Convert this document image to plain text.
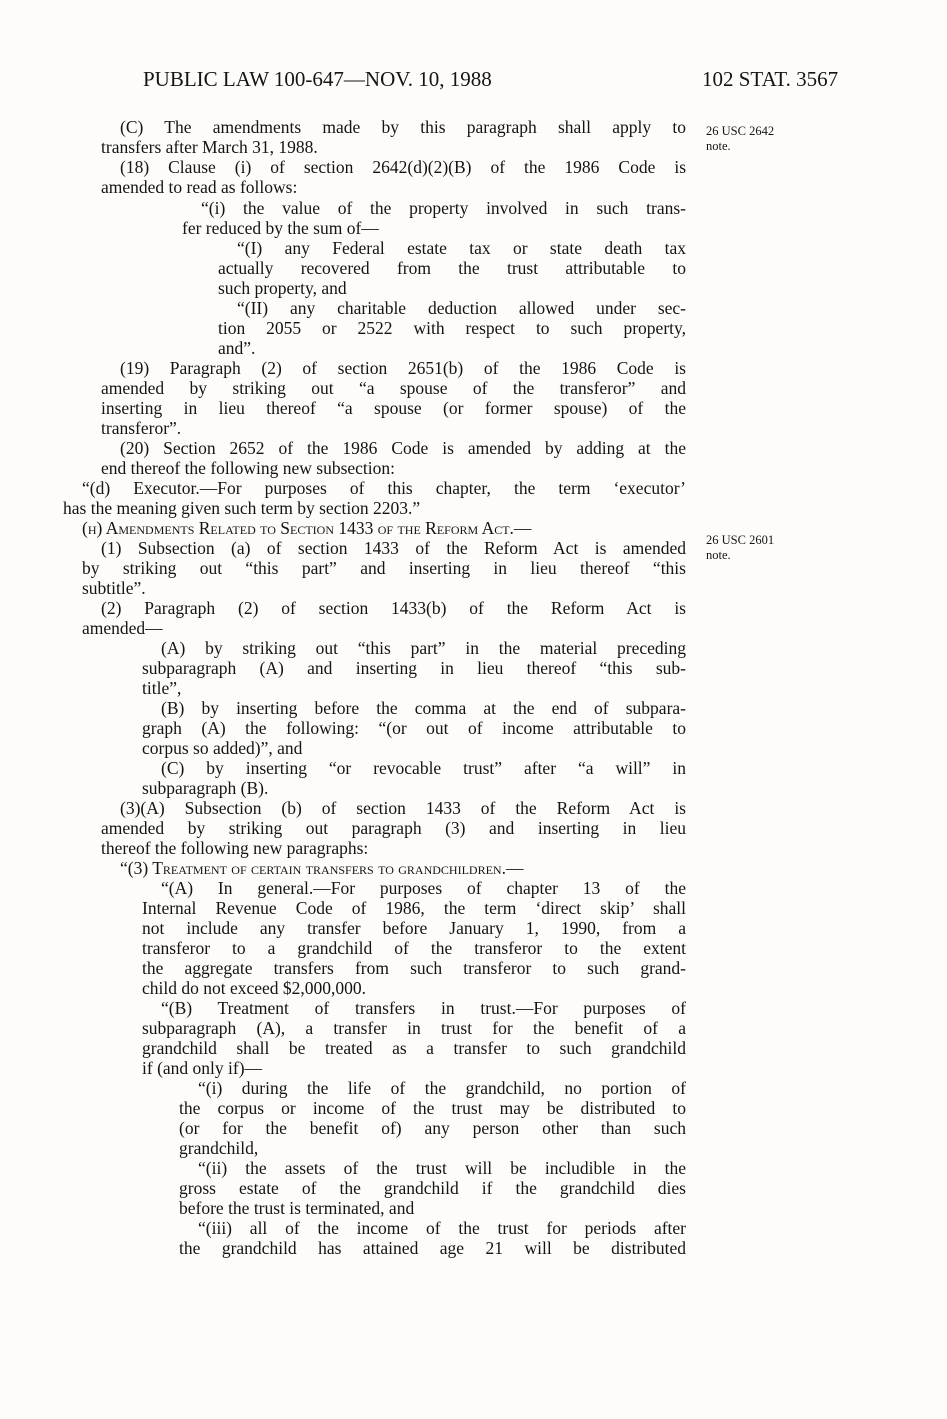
PUBLIC LAW 100-647—NOV. 10, 1988	102 STAT. 3567
26 USC 2642
note.
26 USC 2601
note.
(C) The amendments made by this paragraph shall apply to
transfers after March 31, 1988.
(18) Clause (i) of section 2642(d)(2)(B) of the 1986 Code is
amended to read as follows:
“(i) the value of the property involved in such trans-
fer reduced by the sum of—
“(I) any Federal estate tax or state death tax
actually recovered from the trust attributable to
such property, and
“(II) any charitable deduction allowed under sec-
tion 2055 or 2522 with respect to such property,
and”.
(19) Paragraph (2) of section 2651(b) of the 1986 Code is
amended by striking out “a spouse of the transferor” and
inserting in lieu thereof “a spouse (or former spouse) of the
transferor”.
(20) Section 2652 of the 1986 Code is amended by adding at the
end thereof the following new subsection:
“(d) Executor.—For purposes of this chapter, the term ‘executor’
has the meaning given such term by section 2203.”
(h) Amendments Related to Section 1433 of the Reform Act.—
(1) Subsection (a) of section 1433 of the Reform Act is amended
by striking out “this part” and inserting in lieu thereof “this
subtitle”.
(2) Paragraph (2) of section 1433(b) of the Reform Act is
amended—
(A) by striking out “this part” in the material preceding
subparagraph (A) and inserting in lieu thereof “this sub-
title”,
(B) by inserting before the comma at the end of subpara-
graph (A) the following: “(or out of income attributable to
corpus so added)”, and
(C) by inserting “or revocable trust” after “a will” in
subparagraph (B).
(3)(A) Subsection (b) of section 1433 of the Reform Act is
amended by striking out paragraph (3) and inserting in lieu
thereof the following new paragraphs:
“(3) Treatment of certain transfers to grandchildren.—
“(A) In general.—For purposes of chapter 13 of the
Internal Revenue Code of 1986, the term ‘direct skip’ shall
not include any transfer before January 1, 1990, from a
transferor to a grandchild of the transferor to the extent
the aggregate transfers from such transferor to such grand-
child do not exceed $2,000,000.
“(B) Treatment of transfers in trust.—For purposes of
subparagraph (A), a transfer in trust for the benefit of a
grandchild shall be treated as a transfer to such grandchild
if (and only if)—
“(i) during the life of the grandchild, no portion of
the corpus or income of the trust may be distributed to
(or for the benefit of) any person other than such
grandchild,
“(ii) the assets of the trust will be includible in the
gross estate of the grandchild if the grandchild dies
before the trust is terminated, and
“(iii) all of the income of the trust for periods after
the grandchild has attained age 21 will be distributed
